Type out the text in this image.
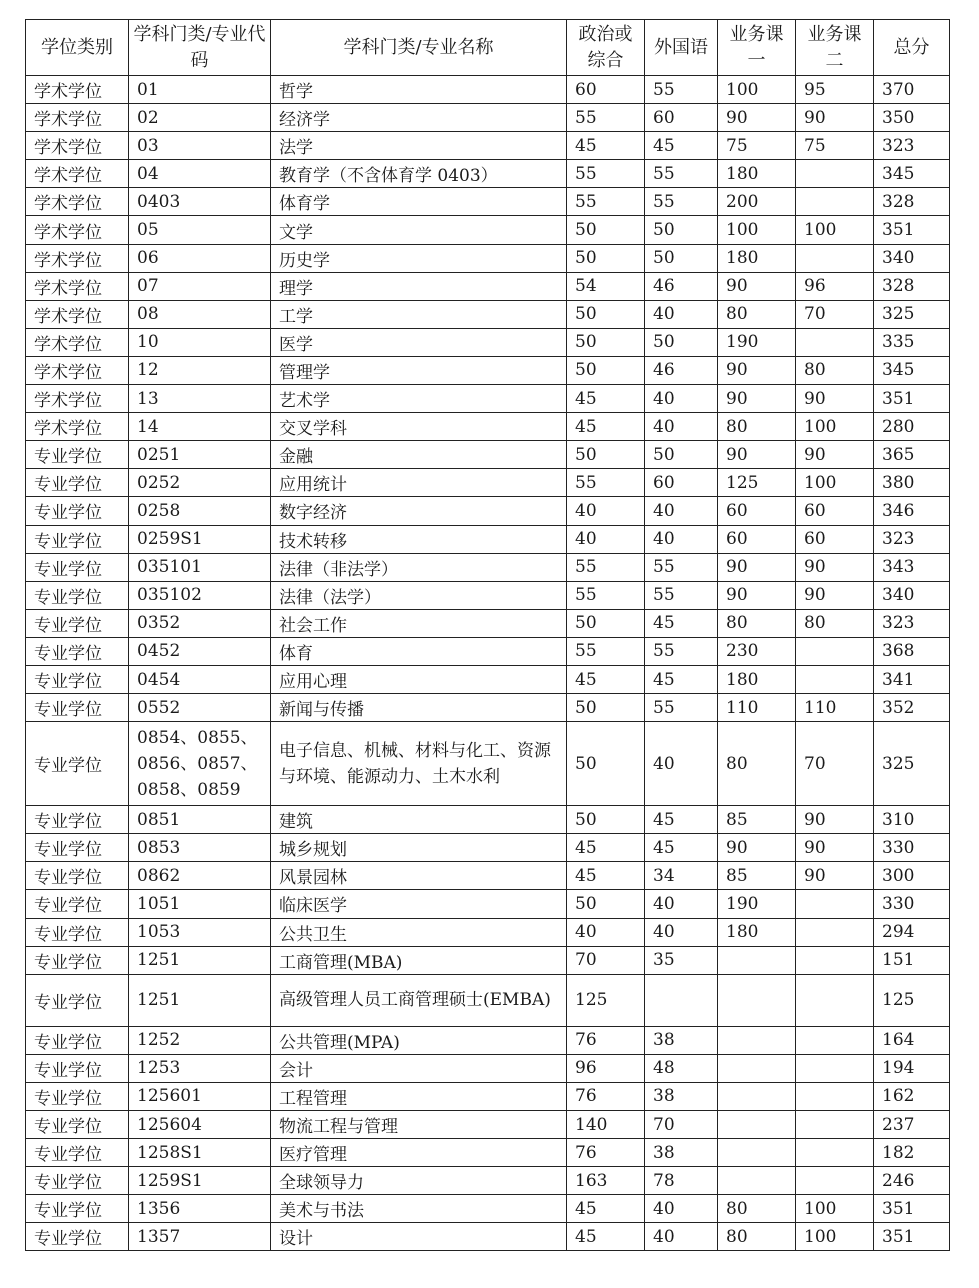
学位类别	学科门类/专业代码	学科门类/专业名称	政治或综合	外国语	业务课一	业务课二	总分
学术学位	01	哲学	60	55	100	95	370
学术学位	02	经济学	55	60	90	90	350
学术学位	03	法学	45	45	75	75	323
学术学位	04	教育学（不含体育学 0403）	55	55	180		345
学术学位	0403	体育学	55	55	200		328
学术学位	05	文学	50	50	100	100	351
学术学位	06	历史学	50	50	180		340
学术学位	07	理学	54	46	90	96	328
学术学位	08	工学	50	40	80	70	325
学术学位	10	医学	50	50	190		335
学术学位	12	管理学	50	46	90	80	345
学术学位	13	艺术学	45	40	90	90	351
学术学位	14	交叉学科	45	40	80	100	280
专业学位	0251	金融	50	50	90	90	365
专业学位	0252	应用统计	55	60	125	100	380
专业学位	0258	数字经济	40	40	60	60	346
专业学位	0259S1	技术转移	40	40	60	60	323
专业学位	035101	法律（非法学）	55	55	90	90	343
专业学位	035102	法律（法学）	55	55	90	90	340
专业学位	0352	社会工作	50	45	80	80	323
专业学位	0452	体育	55	55	230		368
专业学位	0454	应用心理	45	45	180		341
专业学位	0552	新闻与传播	50	55	110	110	352
专业学位	0854、0855、0856、0857、0858、0859	电子信息、机械、材料与化工、资源与环境、能源动力、土木水利	50	40	80	70	325
专业学位	0851	建筑	50	45	85	90	310
专业学位	0853	城乡规划	45	45	90	90	330
专业学位	0862	风景园林	45	34	85	90	300
专业学位	1051	临床医学	50	40	190		330
专业学位	1053	公共卫生	40	40	180		294
专业学位	1251	工商管理(MBA)	70	35			151
专业学位	1251	高级管理人员工商管理硕士(EMBA)	125				125
专业学位	1252	公共管理(MPA)	76	38			164
专业学位	1253	会计	96	48			194
专业学位	125601	工程管理	76	38			162
专业学位	125604	物流工程与管理	140	70			237
专业学位	1258S1	医疗管理	76	38			182
专业学位	1259S1	全球领导力	163	78			246
专业学位	1356	美术与书法	45	40	80	100	351
专业学位	1357	设计	45	40	80	100	351
